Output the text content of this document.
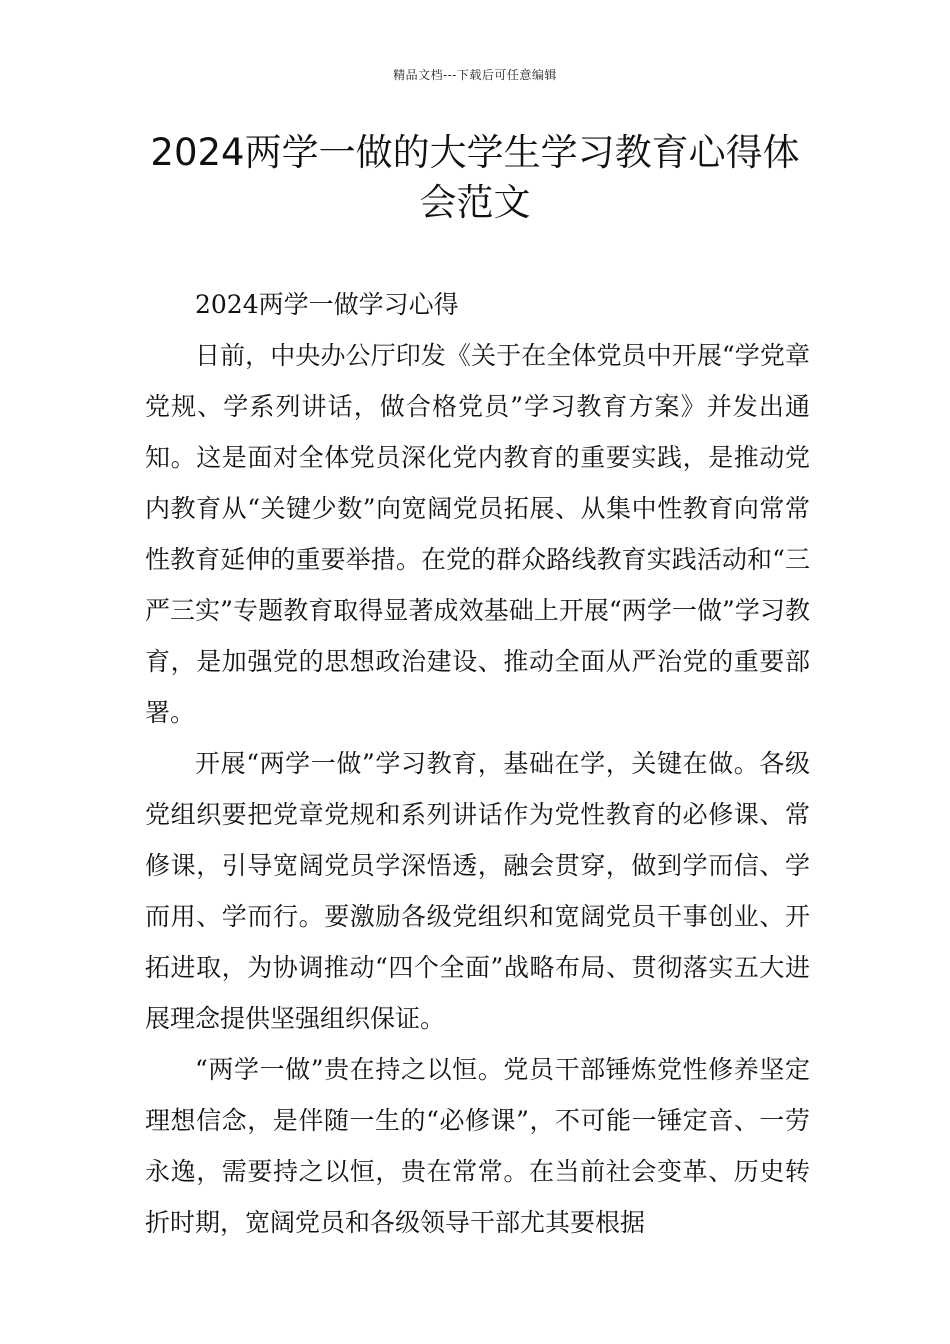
精品文档---下载后可任意编辑
2024两学一做的大学生学习教育心得体会范文

2024两学一做学习心得

日前，中央办公厅印发《关于在全体党员中开展“学党章党规、学系列讲话，做合格党员”学习教育方案》并发出通知。这是面对全体党员深化党内教育的重要实践，是推动党内教育从“关键少数”向宽阔党员拓展、从集中性教育向常常性教育延伸的重要举措。在党的群众路线教育实践活动和“三严三实”专题教育取得显著成效基础上开展“两学一做”学习教育，是加强党的思想政治建设、推动全面从严治党的重要部署。

开展“两学一做”学习教育，基础在学，关键在做。各级党组织要把党章党规和系列讲话作为党性教育的必修课、常修课，引导宽阔党员学深悟透，融会贯穿，做到学而信、学而用、学而行。要激励各级党组织和宽阔党员干事创业、开拓进取，为协调推动“四个全面”战略布局、贯彻落实五大进展理念提供坚强组织保证。

“两学一做”贵在持之以恒。党员干部锤炼党性修养坚定理想信念，是伴随一生的“必修课”，不可能一锤定音、一劳永逸，需要持之以恒，贵在常常。在当前社会变革、历史转折时期，宽阔党员和各级领导干部尤其要根据
